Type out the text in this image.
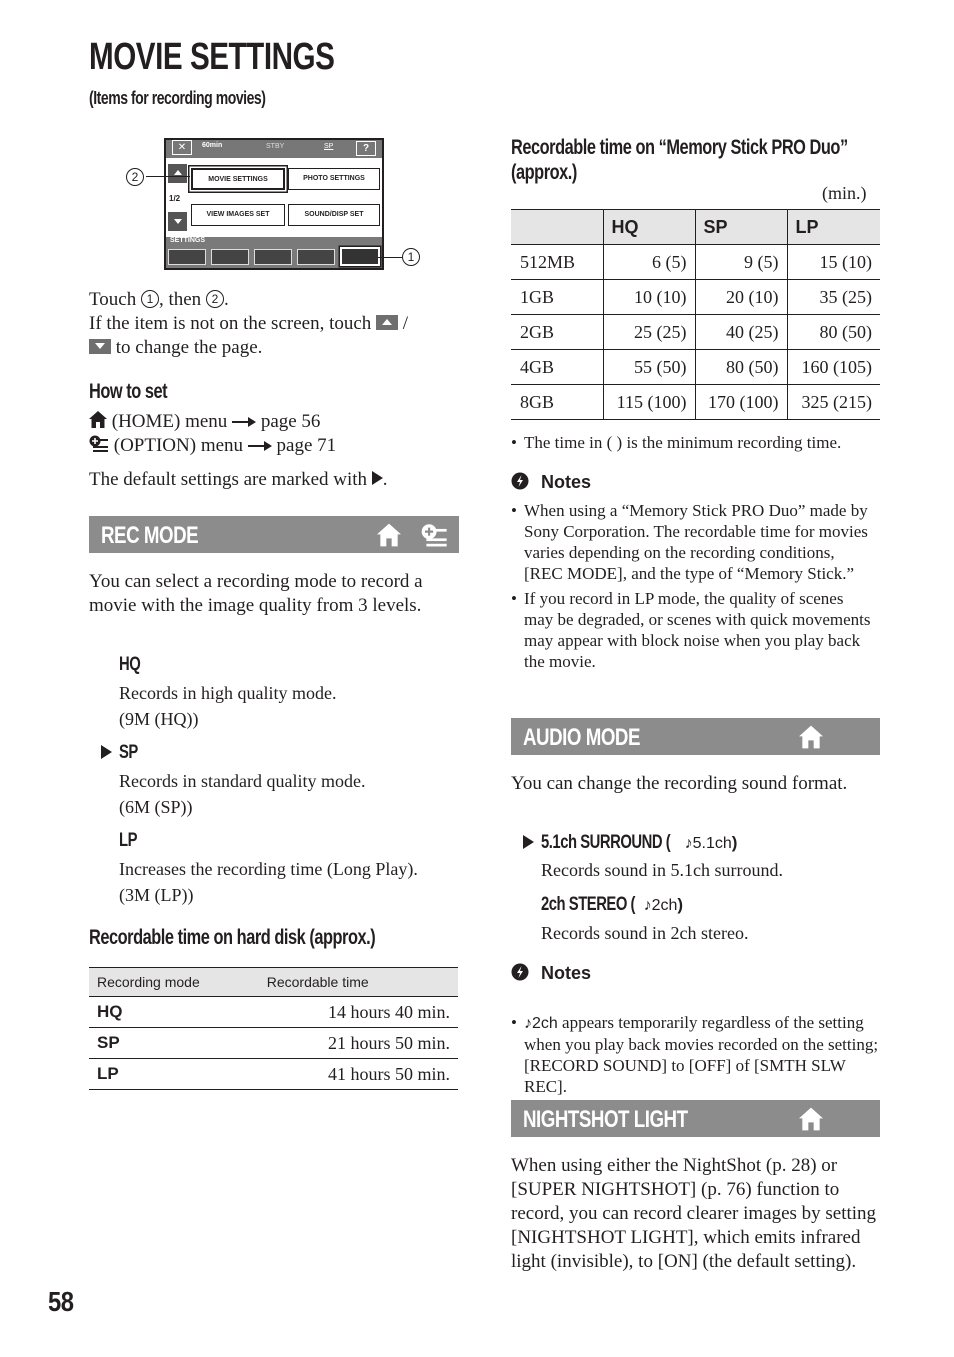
MOVIE SETTINGS
(Items for recording movies)
✕	60min	STBY	SP	?
1/2
MOVIE SETTINGS	PHOTO SETTINGS
VIEW IMAGES SET	SOUND/DISP SET
SETTINGS
2
1
Touch 1 , then 2 .
If the item is not on the screen, touch /
to change the page.
How to set
(HOME) menu page 56
(OPTION) menu page 71
The default settings are marked with .
REC MODE
You can select a recording mode to record a movie with the image quality from 3 levels.
HQ
Records in high quality mode.
(9M (HQ))
SP
Records in standard quality mode.
(6M (SP))
LP
Increases the recording time (Long Play).
(3M (LP))
Recordable time on hard disk (approx.)
Recording mode	Recordable time
HQ	14 hours 40 min.
SP	21 hours 50 min.
LP	41 hours 50 min.
Recordable time on “Memory Stick PRO Duo” (approx.)
(min.)
	HQ	SP	LP
512MB	6 (5)	9 (5)	15 (10)
1GB	10 (10)	20 (10)	35 (25)
2GB	25 (25)	40 (25)	80 (50)
4GB	55 (50)	80 (50)	160 (105)
8GB	115 (100)	170 (100)	325 (215)
• The time in ( ) is the minimum recording time.
Notes
• When using a “Memory Stick PRO Duo” made by Sony Corporation. The recordable time for movies varies depending on the recording conditions, [REC MODE], and the type of “Memory Stick.”
• If you record in LP mode, the quality of scenes may be degraded, or scenes with quick movements may appear with block noise when you play back the movie.
AUDIO MODE
You can change the recording sound format.
5.1ch SURROUND ( ♪5.1ch)
Records sound in 5.1ch surround.
2ch STEREO ( ♪2ch)
Records sound in 2ch stereo.
Notes
• ♪2ch appears temporarily regardless of the setting when you play back movies recorded on the setting; [RECORD SOUND] to [OFF] of [SMTH SLW REC].
NIGHTSHOT LIGHT
When using either the NightShot (p. 28) or [SUPER NIGHTSHOT] (p. 76) function to record, you can record clearer images by setting [NIGHTSHOT LIGHT], which emits infrared light (invisible), to [ON] (the default setting).
58
